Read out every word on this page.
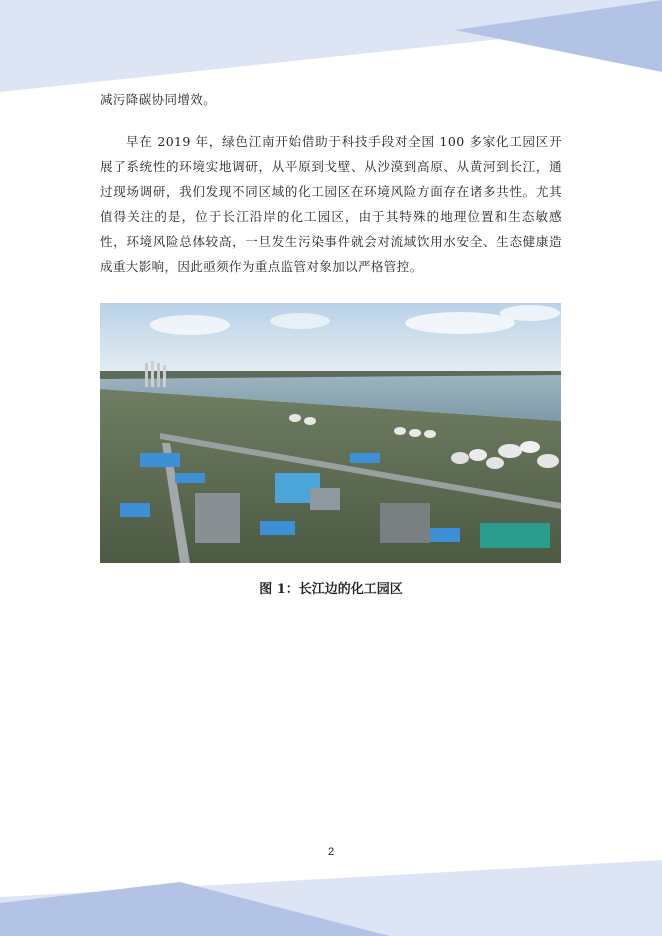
减污降碳协同增效。

早在 2019 年，绿色江南开始借助于科技手段对全国 100 多家化工园区开展了系统性的环境实地调研，从平原到戈壁、从沙漠到高原、从黄河到长江，通过现场调研，我们发现不同区域的化工园区在环境风险方面存在诸多共性。尤其值得关注的是，位于长江沿岸的化工园区，由于其特殊的地理位置和生态敏感性，环境风险总体较高，一旦发生污染事件就会对流域饮用水安全、生态健康造成重大影响，因此亟须作为重点监管对象加以严格管控。

图 1：长江边的化工园区
2
